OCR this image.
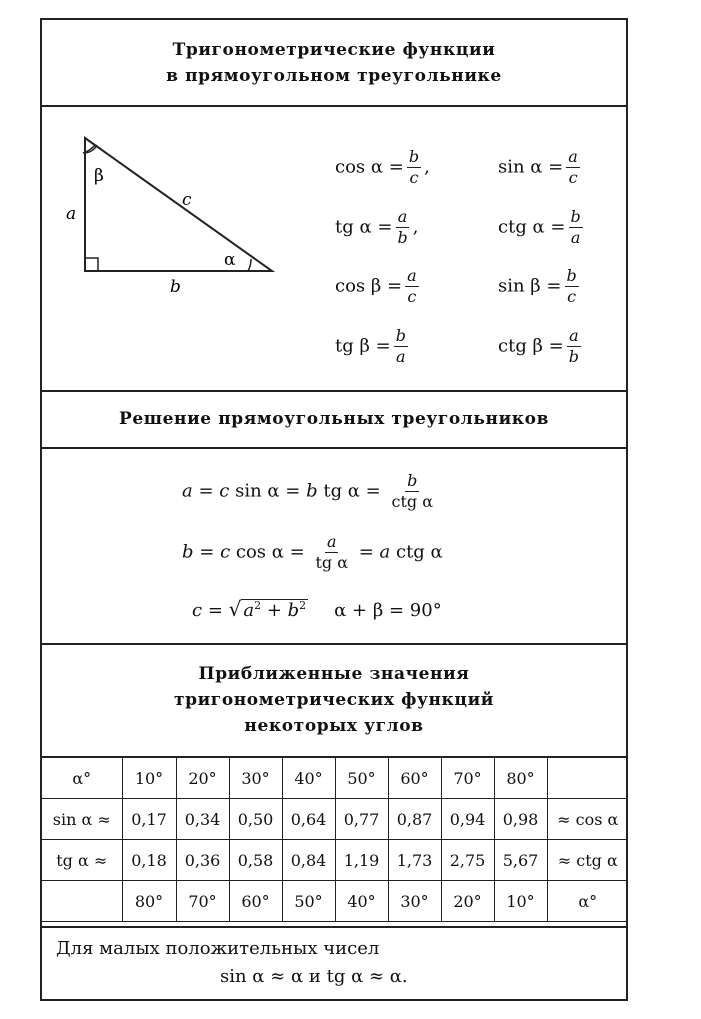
Тригонометрические функции
в прямоугольном треугольнике
a
b
c
β
α
$\cos \alpha = \frac{b}{c}$ ,	$\sin \alpha = \frac{a}{c}$
tg $\alpha = \frac{a}{b}$ ,	ctg $\alpha = \frac{b}{a}$
$\cos \beta = \frac{a}{c}$	$\sin \beta = \frac{b}{c}$
tg $\beta = \frac{b}{a}$	ctg $\beta = \frac{a}{b}$
Решение прямоугольных треугольников
a = c sin α = b tg $\alpha = \frac{b}{\text{ctg α}}$
b = c $\cos \alpha = \frac{a}{\text{tg α}} = a$ ctg α
c = √ $a^2 + b^2$ α + β = 90°
Приближенные значения
тригонометрических функций
некоторых углов
α°	10°	20°	30°	40°	50°	60°	70°	80°	
sin α ≈	0,17	0,34	0,50	0,64	0,77	0,87	0,94	0,98	≈ cos α
tg α ≈	0,18	0,36	0,58	0,84	1,19	1,73	2,75	5,67	≈ ctg α
	80°	70°	60°	50°	40°	30°	20°	10°	α°
Для малых положительных чисел
sin α ≈ α и tg α ≈ α.
